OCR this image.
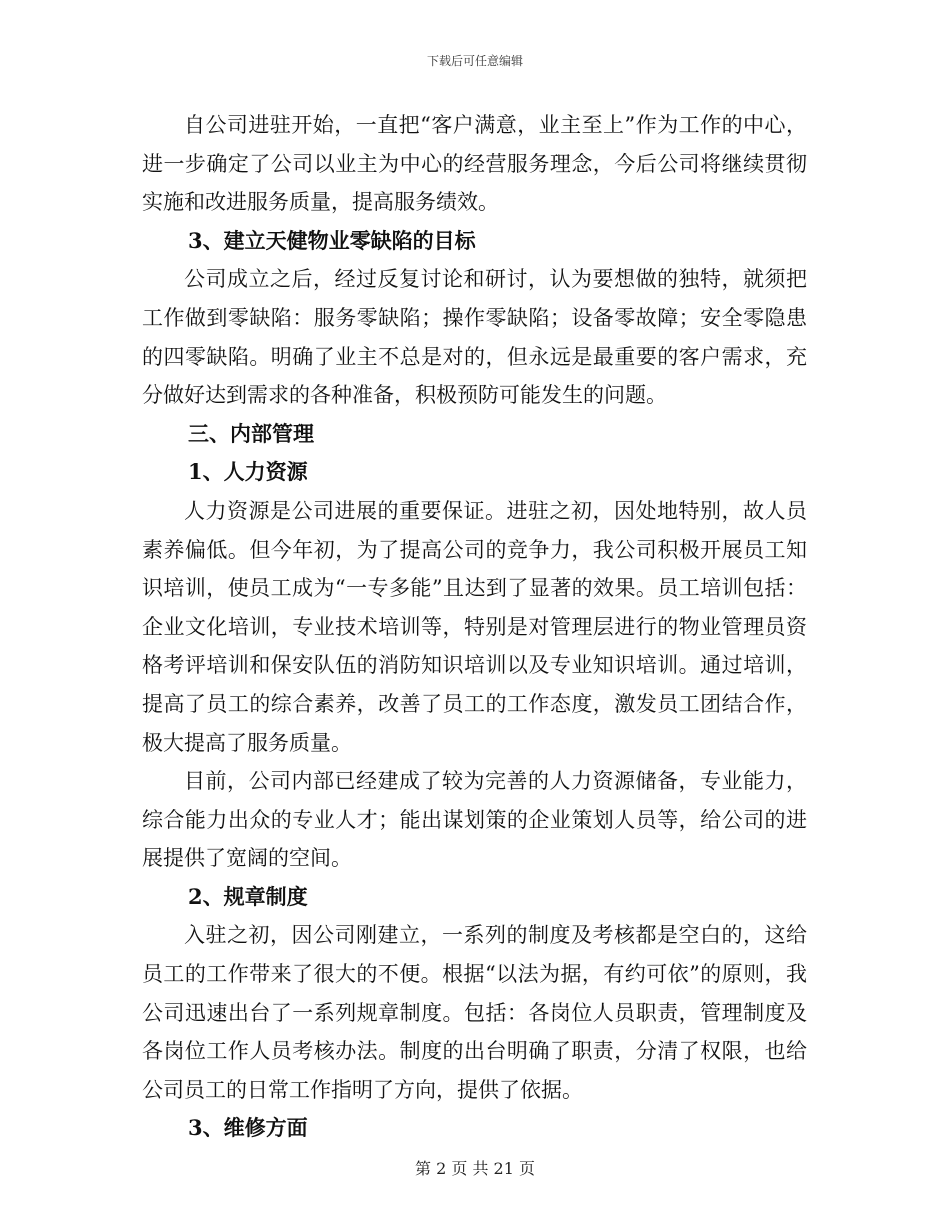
下载后可任意编辑

自公司进驻开始，一直把“客户满意，业主至上”作为工作的中心，进一步确定了公司以业主为中心的经营服务理念，今后公司将继续贯彻实施和改进服务质量，提高服务绩效。

3、建立天健物业零缺陷的目标

公司成立之后，经过反复讨论和研讨，认为要想做的独特，就须把工作做到零缺陷：服务零缺陷；操作零缺陷；设备零故障；安全零隐患的四零缺陷。明确了业主不总是对的，但永远是最重要的客户需求，充分做好达到需求的各种准备，积极预防可能发生的问题。

三、内部管理

1、人力资源

人力资源是公司进展的重要保证。进驻之初，因处地特别，故人员素养偏低。但今年初，为了提高公司的竞争力，我公司积极开展员工知识培训，使员工成为“一专多能”且达到了显著的效果。员工培训包括：企业文化培训，专业技术培训等，特别是对管理层进行的物业管理员资格考评培训和保安队伍的消防知识培训以及专业知识培训。通过培训，提高了员工的综合素养，改善了员工的工作态度，激发员工团结合作，极大提高了服务质量。

目前，公司内部已经建成了较为完善的人力资源储备，专业能力，综合能力出众的专业人才；能出谋划策的企业策划人员等，给公司的进展提供了宽阔的空间。

2、规章制度

入驻之初，因公司刚建立，一系列的制度及考核都是空白的，这给员工的工作带来了很大的不便。根据“以法为据，有约可依”的原则，我公司迅速出台了一系列规章制度。包括：各岗位人员职责，管理制度及各岗位工作人员考核办法。制度的出台明确了职责，分清了权限，也给公司员工的日常工作指明了方向，提供了依据。

3、维修方面

第 2 页 共 21 页
